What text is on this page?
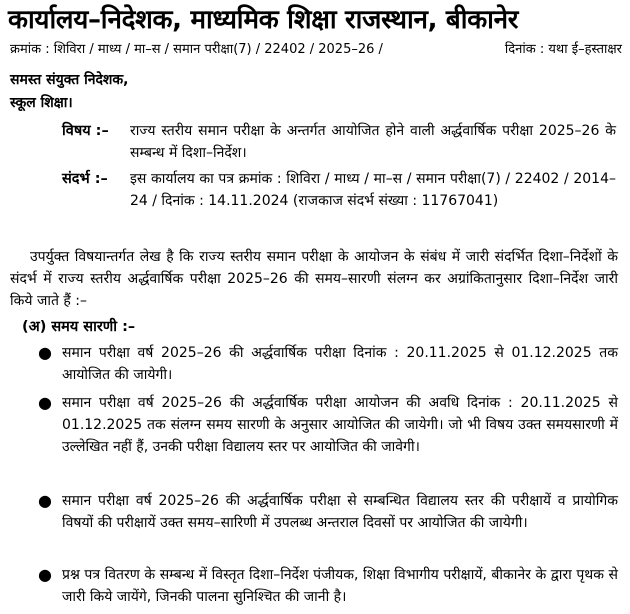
कार्यालय–निदेशक, माध्यमिक शिक्षा राजस्थान, बीकानेर
क्रमांक : शिविरा / माध्य / मा–स / समान परीक्षा(7) / 22402 / 2025–26 /	दिनांक : यथा ई–हस्ताक्षर
समस्त संयुक्त निदेशक,
स्कूल शिक्षा।
विषय :– राज्य स्तरीय समान परीक्षा के अन्तर्गत आयोजित होने वाली अर्द्धवार्षिक परीक्षा 2025–26 के सम्बन्ध में दिशा–निर्देश।
संदर्भ :– इस कार्यालय का पत्र क्रमांक : शिविरा / माध्य / मा–स / समान परीक्षा(7) / 22402 / 2014–24 / दिनांक : 14.11.2024 (राजकाज संदर्भ संख्या : 11767041)
उपर्युक्त विषयान्तर्गत लेख है कि राज्य स्तरीय समान परीक्षा के आयोजन के संबंध में जारी संदर्भित दिशा–निर्देशों के संदर्भ में राज्य स्तरीय अर्द्धवार्षिक परीक्षा 2025–26 की समय–सारणी संलग्न कर अग्रांकितानुसार दिशा–निर्देश जारी किये जाते हैं :–
(अ) समय सारणी :–
● समान परीक्षा वर्ष 2025–26 की अर्द्धवार्षिक परीक्षा दिनांक : 20.11.2025 से 01.12.2025 तक आयोजित की जायेगी।
● समान परीक्षा वर्ष 2025–26 की अर्द्धवार्षिक परीक्षा आयोजन की अवधि दिनांक : 20.11.2025 से 01.12.2025 तक संलग्न समय सारणी के अनुसार आयोजित की जायेगी। जो भी विषय उक्त समयसारणी में उल्लेखित नहीं हैं, उनकी परीक्षा विद्यालय स्तर पर आयोजित की जावेगी।
● समान परीक्षा वर्ष 2025–26 की अर्द्धवार्षिक परीक्षा से सम्बन्धित विद्यालय स्तर की परीक्षायें व प्रायोगिक विषयों की परीक्षायें उक्त समय–सारिणी में उपलब्ध अन्तराल दिवसों पर आयोजित की जायेगी।
● प्रश्न पत्र वितरण के सम्बन्ध में विस्तृत दिशा–निर्देश पंजीयक, शिक्षा विभागीय परीक्षायें, बीकानेर के द्वारा पृथक से जारी किये जायेंगे, जिनकी पालना सुनिश्चित की जानी है।
